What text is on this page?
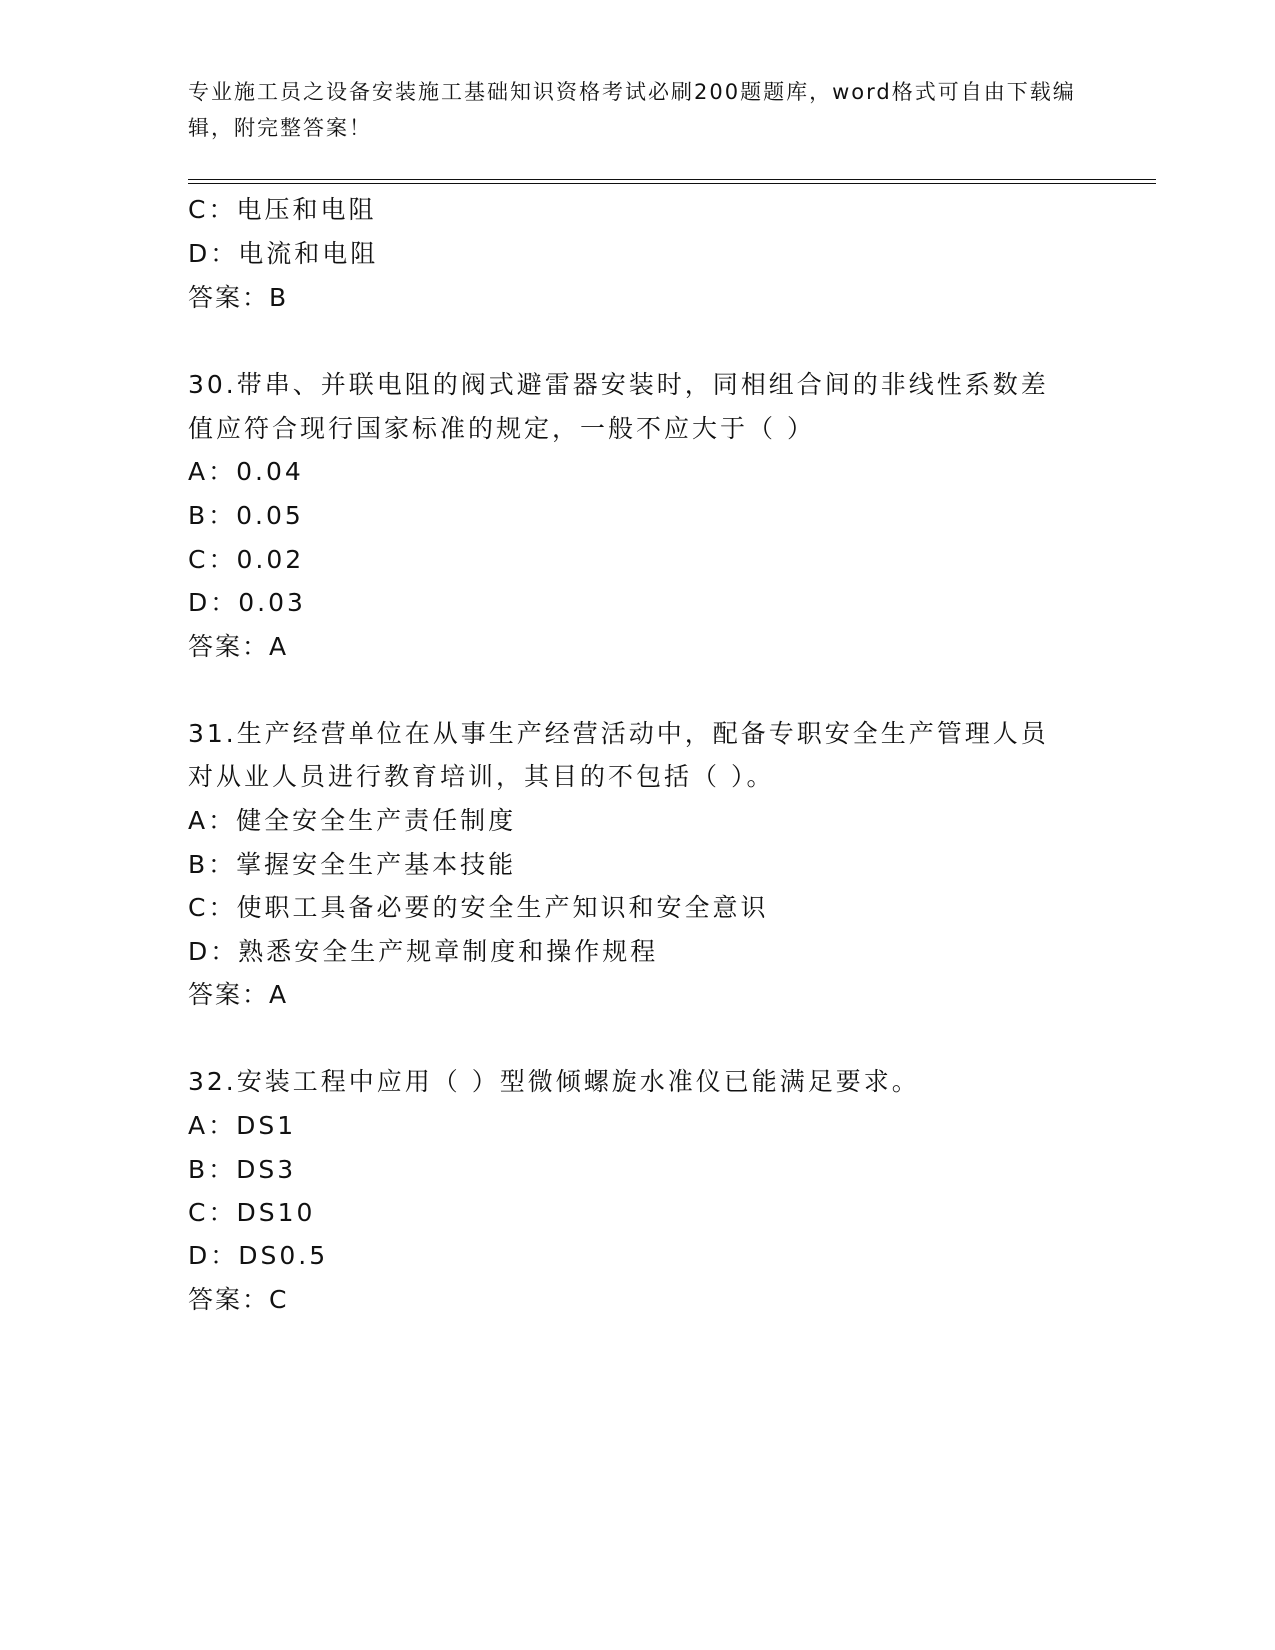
专业施工员之设备安装施工基础知识资格考试必刷200题题库，word格式可自由下载编辑，附完整答案！
C：电压和电阻
D：电流和电阻
答案：B
30.带串、并联电阻的阀式避雷器安装时，同相组合间的非线性系数差
值应符合现行国家标准的规定，一般不应大于（ ）
A：0.04
B：0.05
C：0.02
D：0.03
答案：A
31.生产经营单位在从事生产经营活动中，配备专职安全生产管理人员
对从业人员进行教育培训，其目的不包括（ ）。
A：健全安全生产责任制度
B：掌握安全生产基本技能
C：使职工具备必要的安全生产知识和安全意识
D：熟悉安全生产规章制度和操作规程
答案：A
32.安装工程中应用（ ）型微倾螺旋水准仪已能满足要求。
A：DS1
B：DS3
C：DS10
D：DS0.5
答案：C
